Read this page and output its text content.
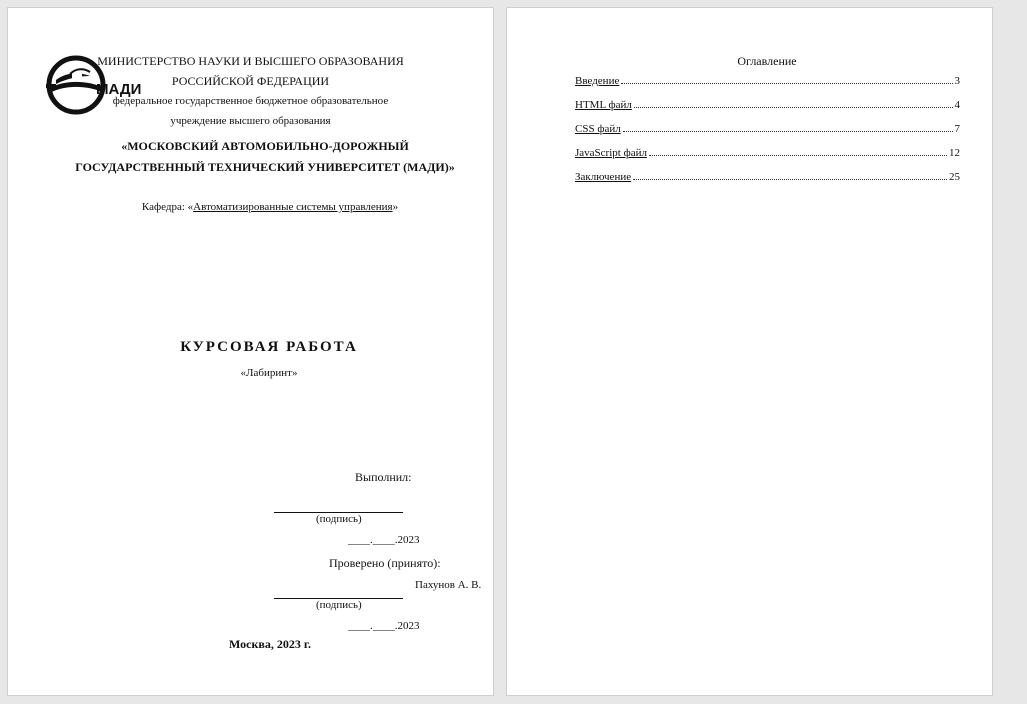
МАДИ
МИНИСТЕРСТВО НАУКИ И ВЫСШЕГО ОБРАЗОВАНИЯ
РОССИЙСКОЙ ФЕДЕРАЦИИ
федеральное государственное бюджетное образовательное
учреждение высшего образования
«МОСКОВСКИЙ АВТОМОБИЛЬНО-ДОРОЖНЫЙ
ГОСУДАРСТВЕННЫЙ ТЕХНИЧЕСКИЙ УНИВЕРСИТЕТ (МАДИ)»
Кафедра: «Автоматизированные системы управления»
КУРСОВАЯ РАБОТА
«Лабиринт»
Выполнил:
(подпись)
____.____.2023
Проверено (принято):
Пахунов А. В.
(подпись)
____.____.2023
Москва, 2023 г.
Оглавление
Введение	3
HTML файл	4
CSS файл	7
JavaScript файл	12
Заключение	25
